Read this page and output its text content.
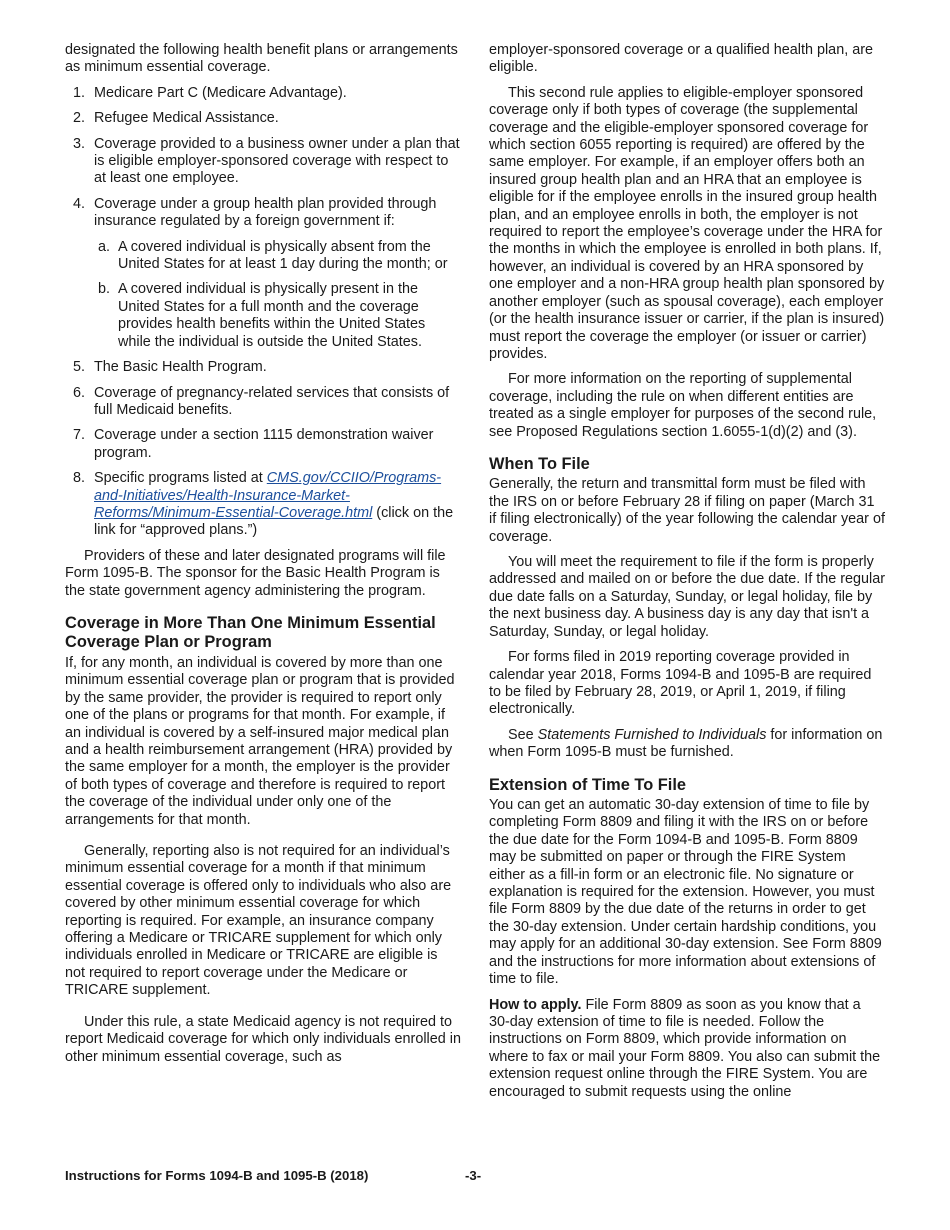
designated the following health benefit plans or arrangements as minimum essential coverage.

1. Medicare Part C (Medicare Advantage).
2. Refugee Medical Assistance.
3. Coverage provided to a business owner under a plan that is eligible employer-sponsored coverage with respect to at least one employee.
4. Coverage under a group health plan provided through insurance regulated by a foreign government if:
a. A covered individual is physically absent from the United States for at least 1 day during the month; or
b. A covered individual is physically present in the United States for a full month and the coverage provides health benefits within the United States while the individual is outside the United States.
5. The Basic Health Program.
6. Coverage of pregnancy-related services that consists of full Medicaid benefits.
7. Coverage under a section 1115 demonstration waiver program.
8. Specific programs listed at CMS.gov/CCIIO/Programs-and-Initiatives/Health-Insurance-Market-Reforms/Minimum-Essential-Coverage.html (click on the link for “approved plans.”)

Providers of these and later designated programs will file Form 1095-B. The sponsor for the Basic Health Program is the state government agency administering the program.

Coverage in More Than One Minimum Essential Coverage Plan or Program

If, for any month, an individual is covered by more than one minimum essential coverage plan or program that is provided by the same provider, the provider is required to report only one of the plans or programs for that month. For example, if an individual is covered by a self-insured major medical plan and a health reimbursement arrangement (HRA) provided by the same employer for a month, the employer is the provider of both types of coverage and therefore is required to report the coverage of the individual under only one of the arrangements for that month.

Generally, reporting also is not required for an individual’s minimum essential coverage for a month if that minimum essential coverage is offered only to individuals who also are covered by other minimum essential coverage for which reporting is required. For example, an insurance company offering a Medicare or TRICARE supplement for which only individuals enrolled in Medicare or TRICARE are eligible is not required to report coverage under the Medicare or TRICARE supplement.

Under this rule, a state Medicaid agency is not required to report Medicaid coverage for which only individuals enrolled in other minimum essential coverage, such as

employer-sponsored coverage or a qualified health plan, are eligible.

This second rule applies to eligible-employer sponsored coverage only if both types of coverage (the supplemental coverage and the eligible-employer sponsored coverage for which section 6055 reporting is required) are offered by the same employer. For example, if an employer offers both an insured group health plan and an HRA that an employee is eligible for if the employee enrolls in the insured group health plan, and an employee enrolls in both, the employer is not required to report the employee’s coverage under the HRA for the months in which the employee is enrolled in both plans. If, however, an individual is covered by an HRA sponsored by one employer and a non-HRA group health plan sponsored by another employer (such as spousal coverage), each employer (or the health insurance issuer or carrier, if the plan is insured) must report the coverage the employer (or issuer or carrier) provides.

For more information on the reporting of supplemental coverage, including the rule on when different entities are treated as a single employer for purposes of the second rule, see Proposed Regulations section 1.6055-1(d)(2) and (3).

When To File

Generally, the return and transmittal form must be filed with the IRS on or before February 28 if filing on paper (March 31 if filing electronically) of the year following the calendar year of coverage.

You will meet the requirement to file if the form is properly addressed and mailed on or before the due date. If the regular due date falls on a Saturday, Sunday, or legal holiday, file by the next business day. A business day is any day that isn't a Saturday, Sunday, or legal holiday.

For forms filed in 2019 reporting coverage provided in calendar year 2018, Forms 1094-B and 1095-B are required to be filed by February 28, 2019, or April 1, 2019, if filing electronically.

See Statements Furnished to Individuals for information on when Form 1095-B must be furnished.

Extension of Time To File

You can get an automatic 30-day extension of time to file by completing Form 8809 and filing it with the IRS on or before the due date for the Form 1094-B and 1095-B. Form 8809 may be submitted on paper or through the FIRE System either as a fill-in form or an electronic file. No signature or explanation is required for the extension. However, you must file Form 8809 by the due date of the returns in order to get the 30-day extension. Under certain hardship conditions, you may apply for an additional 30-day extension. See Form 8809 and the instructions for more information about extensions of time to file.

How to apply. File Form 8809 as soon as you know that a 30-day extension of time to file is needed. Follow the instructions on Form 8809, which provide information on where to fax or mail your Form 8809. You also can submit the extension request online through the FIRE System. You are encouraged to submit requests using the online

Instructions for Forms 1094-B and 1095-B (2018)	-3-
